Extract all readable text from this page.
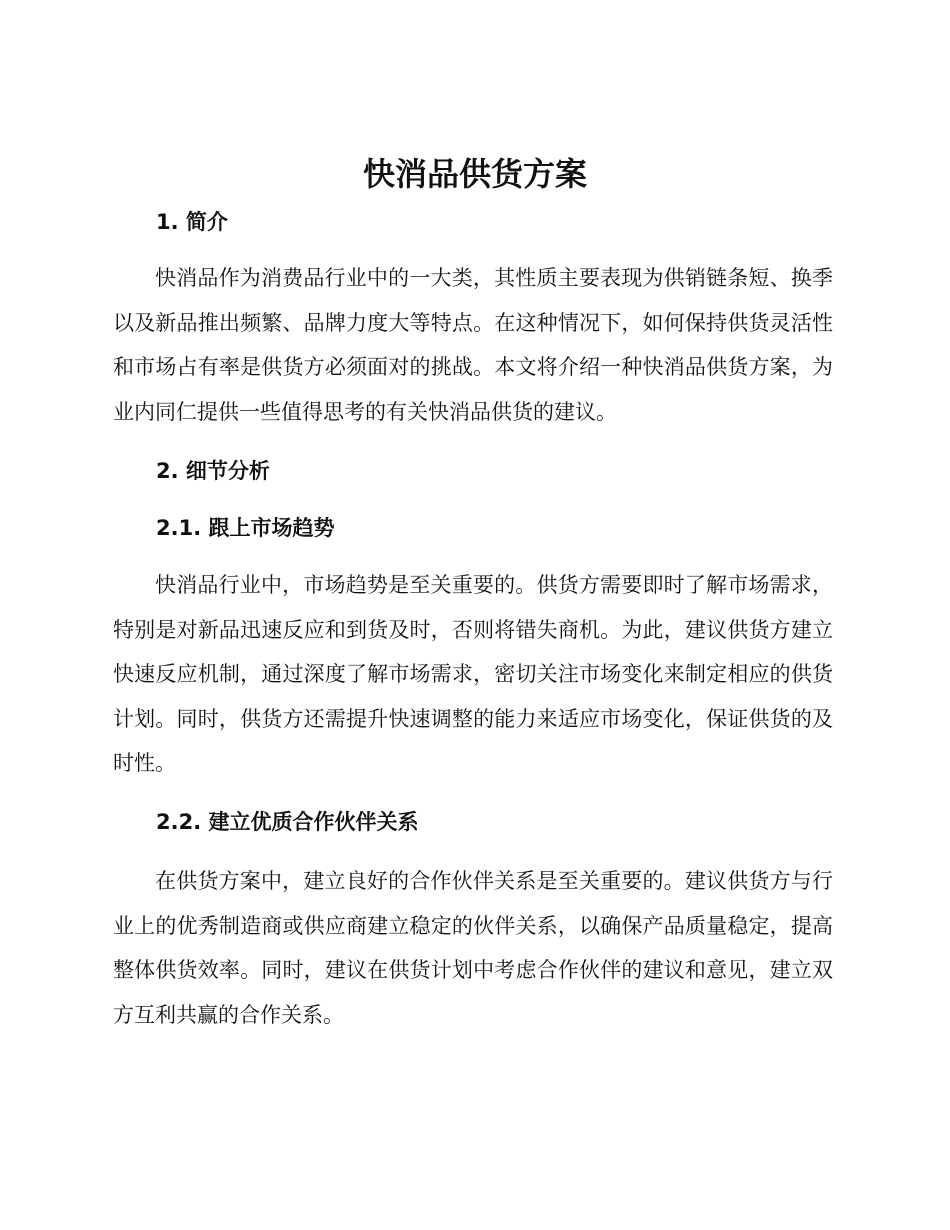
快消品供货方案
1. 简介

快消品作为消费品行业中的一大类，其性质主要表现为供销链条短、换季以及新品推出频繁、品牌力度大等特点。在这种情况下，如何保持供货灵活性和市场占有率是供货方必须面对的挑战。本文将介绍一种快消品供货方案，为业内同仁提供一些值得思考的有关快消品供货的建议。

2. 细节分析
2.1. 跟上市场趋势

快消品行业中，市场趋势是至关重要的。供货方需要即时了解市场需求，特别是对新品迅速反应和到货及时，否则将错失商机。为此，建议供货方建立快速反应机制，通过深度了解市场需求，密切关注市场变化来制定相应的供货计划。同时，供货方还需提升快速调整的能力来适应市场变化，保证供货的及时性。

2.2. 建立优质合作伙伴关系

在供货方案中，建立良好的合作伙伴关系是至关重要的。建议供货方与行业上的优秀制造商或供应商建立稳定的伙伴关系，以确保产品质量稳定，提高整体供货效率。同时，建议在供货计划中考虑合作伙伴的建议和意见，建立双方互利共赢的合作关系。
